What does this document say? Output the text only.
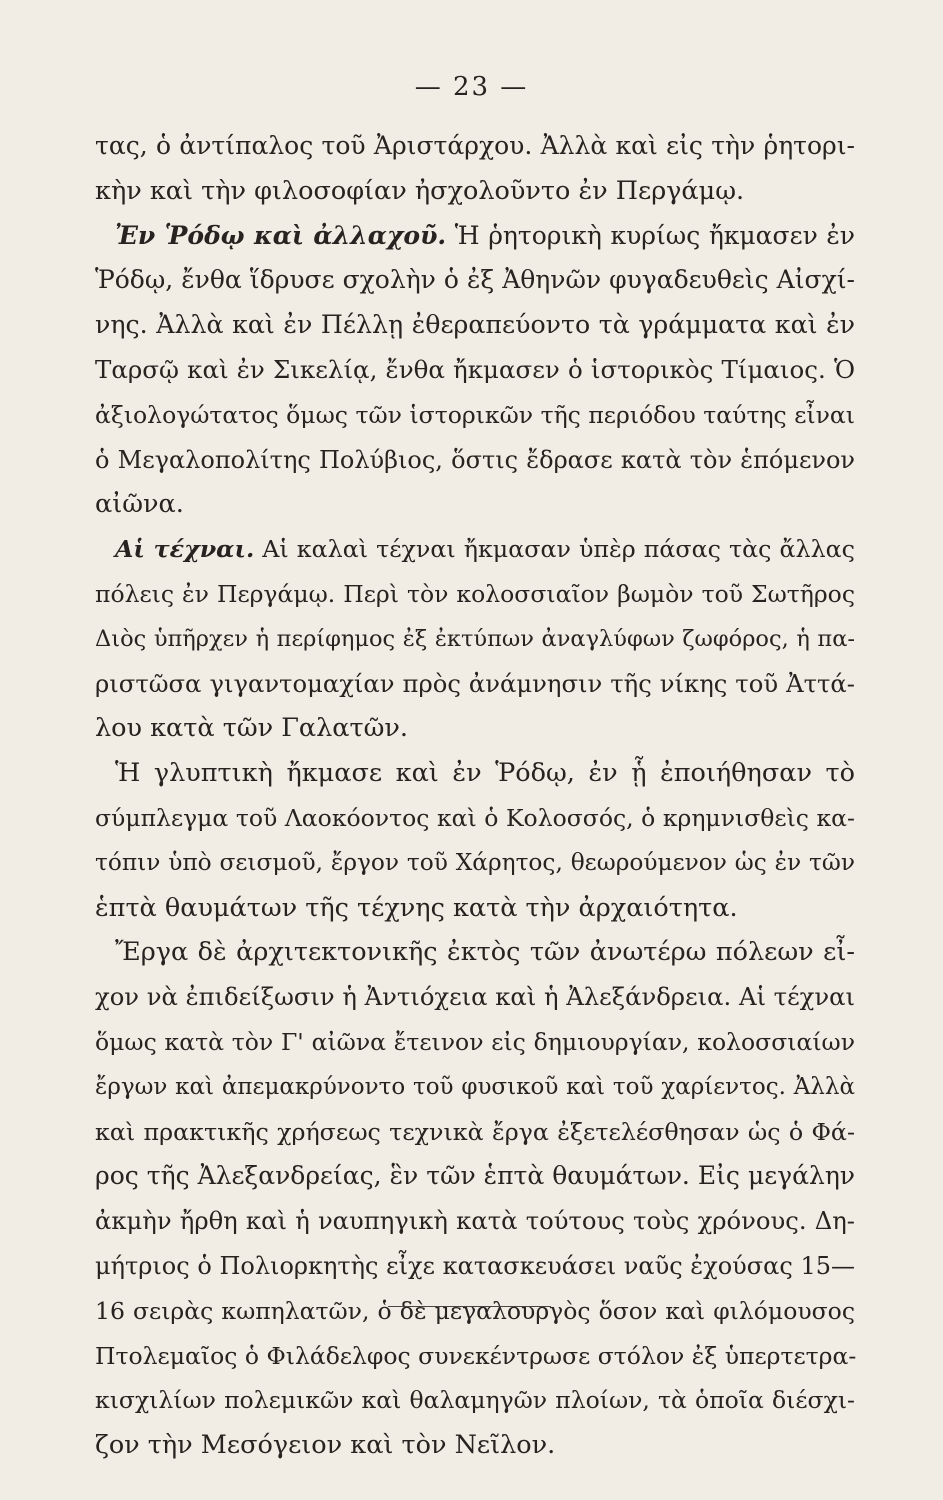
— 23 —
τας, ὁ ἀντίπαλος τοῦ Ἀριστάρχου. Ἀλλὰ καὶ εἰς τὴν ῥητορι-
κὴν καὶ τὴν φιλοσοφίαν ἠσχολοῦντο ἐν Περγάμῳ.
Ἐν Ῥόδῳ καὶ ἀλλαχοῦ. Ἡ ῥητορικὴ κυρίως ἤκμασεν ἐν
Ῥόδῳ, ἔνθα ἵδρυσε σχολὴν ὁ ἐξ Ἀθηνῶν φυγαδευθεὶς Αἰσχί-
νης. Ἀλλὰ καὶ ἐν Πέλλῃ ἐθεραπεύοντο τὰ γράμματα καὶ ἐν
Ταρσῷ καὶ ἐν Σικελίᾳ, ἔνθα ἤκμασεν ὁ ἱστορικὸς Τίμαιος. Ὁ
ἀξιολογώτατος ὅμως τῶν ἱστορικῶν τῆς περιόδου ταύτης εἶναι
ὁ Μεγαλοπολίτης Πολύβιος, ὅστις ἔδρασε κατὰ τὸν ἑπόμενον
αἰῶνα.
Αἱ τέχναι. Αἱ καλαὶ τέχναι ἤκμασαν ὑπὲρ πάσας τὰς ἄλλας
πόλεις ἐν Περγάμῳ. Περὶ τὸν κολοσσιαῖον βωμὸν τοῦ Σωτῆρος
Διὸς ὑπῆρχεν ἡ περίφημος ἐξ ἐκτύπων ἀναγλύφων ζωφόρος, ἡ πα-
ριστῶσα γιγαντομαχίαν πρὸς ἀνάμνησιν τῆς νίκης τοῦ Ἀττά-
λου κατὰ τῶν Γαλατῶν.
Ἡ γλυπτικὴ ἤκμασε καὶ ἐν Ῥόδῳ, ἐν ᾗ ἐποιήθησαν τὸ
σύμπλεγμα τοῦ Λαοκόοντος καὶ ὁ Κολοσσός, ὁ κρημνισθεὶς κα-
τόπιν ὑπὸ σεισμοῦ, ἔργον τοῦ Χάρητος, θεωρούμενον ὡς ἐν τῶν
ἑπτὰ θαυμάτων τῆς τέχνης κατὰ τὴν ἀρχαιότητα.
Ἔργα δὲ ἀρχιτεκτονικῆς ἐκτὸς τῶν ἀνωτέρω πόλεων εἶ-
χον νὰ ἐπιδείξωσιν ἡ Ἀντιόχεια καὶ ἡ Ἀλεξάνδρεια. Αἱ τέχναι
ὅμως κατὰ τὸν Γ' αἰῶνα ἔτεινον εἰς δημιουργίαν, κολοσσιαίων
ἔργων καὶ ἀπεμακρύνοντο τοῦ φυσικοῦ καὶ τοῦ χαρίεντος. Ἀλλὰ
καὶ πρακτικῆς χρήσεως τεχνικὰ ἔργα ἐξετελέσθησαν ὡς ὁ Φά-
ρος τῆς Ἀλεξανδρείας, ἓν τῶν ἑπτὰ θαυμάτων. Εἰς μεγάλην
ἀκμὴν ἤρθη καὶ ἡ ναυπηγικὴ κατὰ τούτους τοὺς χρόνους. Δη-
μήτριος ὁ Πολιορκητὴς εἶχε κατασκευάσει ναῦς ἐχούσας 15—
16 σειρὰς κωπηλατῶν, ὁ δὲ μεγαλουργὸς ὅσον καὶ φιλόμουσος
Πτολεμαῖος ὁ Φιλάδελφος συνεκέντρωσε στόλον ἐξ ὑπερτετρα-
κισχιλίων πολεμικῶν καὶ θαλαμηγῶν πλοίων, τὰ ὁποῖα διέσχι-
ζον τὴν Μεσόγειον καὶ τὸν Νεῖλον.
